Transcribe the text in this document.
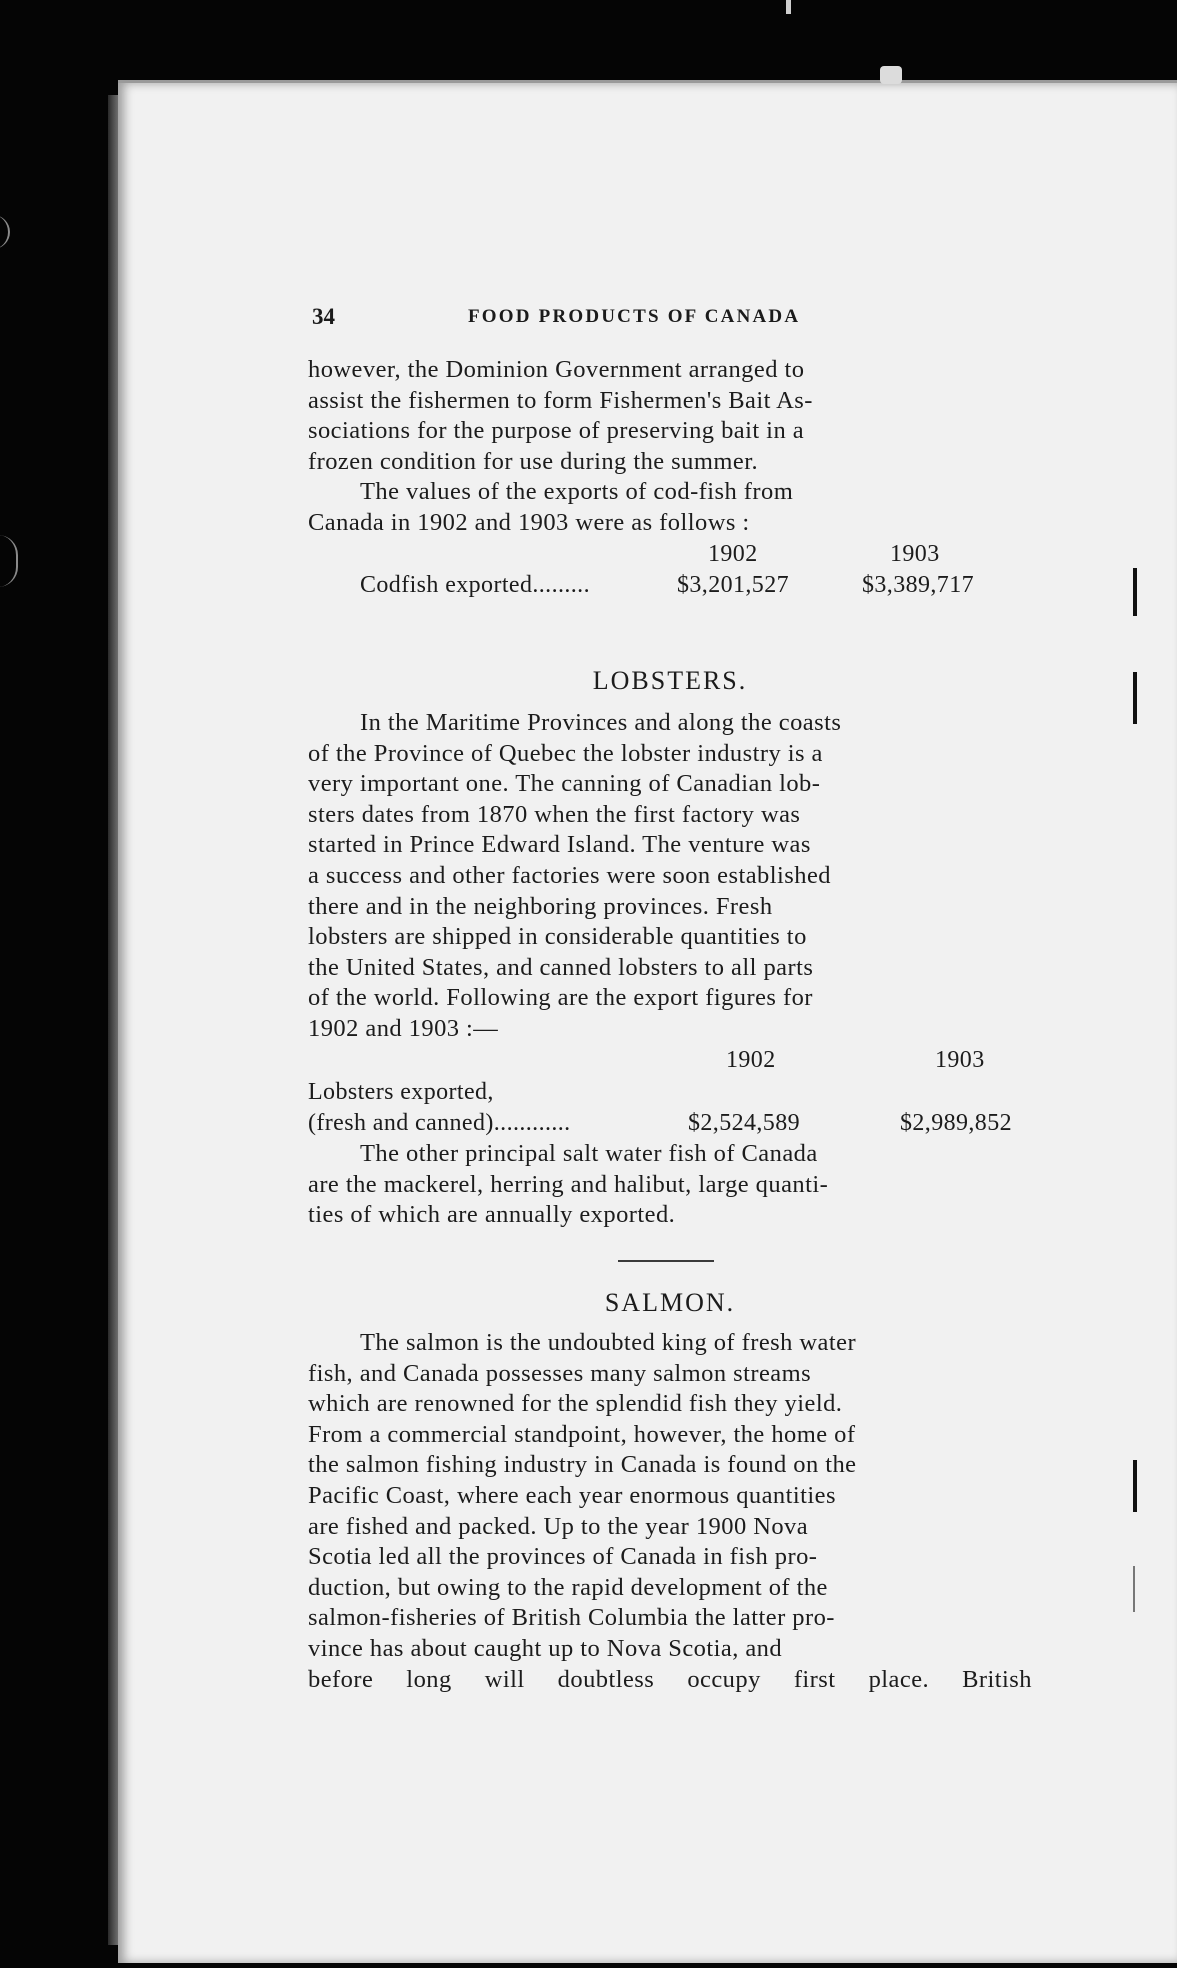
34	FOOD PRODUCTS OF CANADA

however, the Dominion Government arranged to

assist the fishermen to form Fishermen's Bait As-

sociations for the purpose of preserving bait in a

frozen condition for use during the summer.

The values of the exports of cod-fish from

Canada in 1902 and 1903 were as follows :

1902	1903
Codfish exported.........	$3,201,527	$3,389,717
LOBSTERS.

In the Maritime Provinces and along the coasts

of the Province of Quebec the lobster industry is a

very important one. The canning of Canadian lob-

sters dates from 1870 when the first factory was

started in Prince Edward Island. The venture was

a success and other factories were soon established

there and in the neighboring provinces. Fresh

lobsters are shipped in considerable quantities to

the United States, and canned lobsters to all parts

of the world. Following are the export figures for

1902 and 1903 :—

1902	1903
Lobsters exported,
(fresh and canned)............	$2,524,589	$2,989,852

The other principal salt water fish of Canada

are the mackerel, herring and halibut, large quanti-

ties of which are annually exported.

SALMON.

The salmon is the undoubted king of fresh water

fish, and Canada possesses many salmon streams

which are renowned for the splendid fish they yield.

From a commercial standpoint, however, the home of

the salmon fishing industry in Canada is found on the

Pacific Coast, where each year enormous quantities

are fished and packed. Up to the year 1900 Nova

Scotia led all the provinces of Canada in fish pro-

duction, but owing to the rapid development of the

salmon-fisheries of British Columbia the latter pro-

vince has about caught up to Nova Scotia, and

before long will doubtless occupy first place. British
